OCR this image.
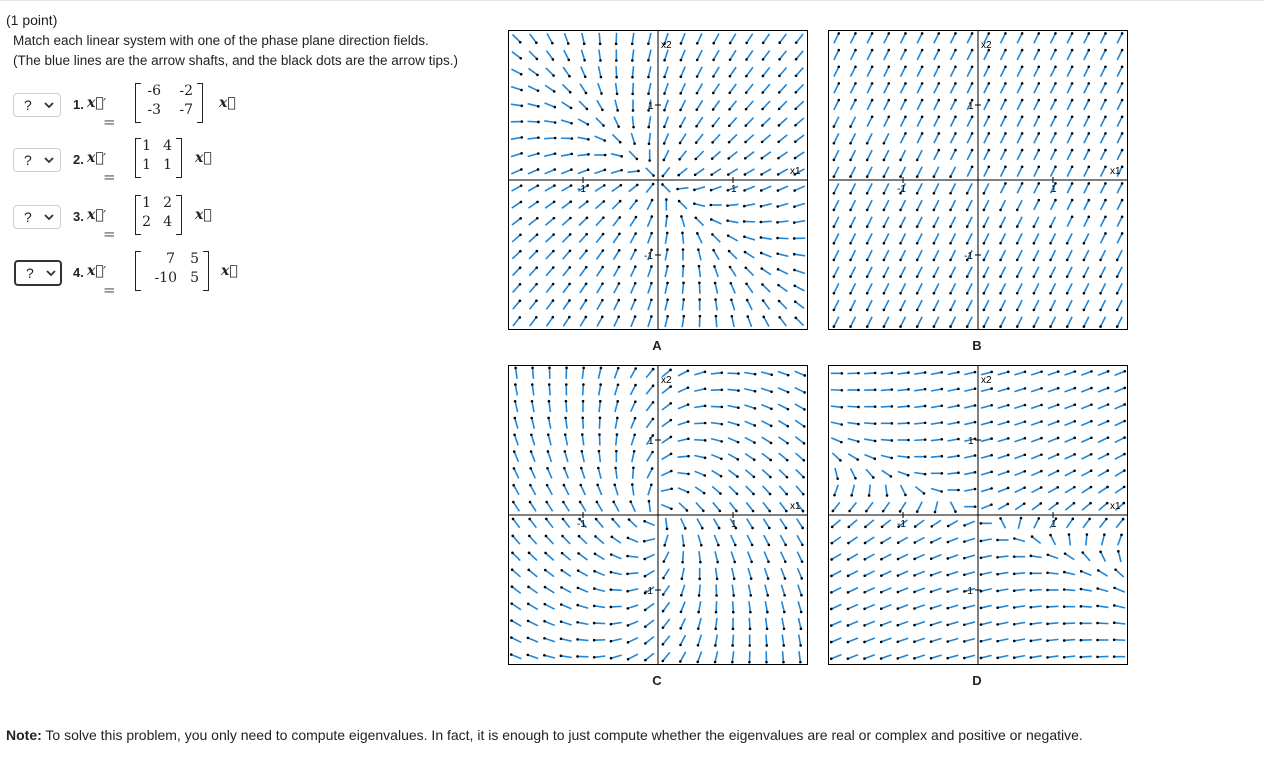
(1 point)
Match each linear system with one of the phase plane direction fields.
(The blue lines are the arrow shafts, and the black dots are the arrow tips.)
?	1. x⃗ ′ =
-6	-2
-3	-7 x⃗
?	2. x⃗ ′ =
1 4
1 1 x⃗
?	3. x⃗ ′ =
1 2
2 4 x⃗
?	4. x⃗ ′ =
7	5
-10 5 x⃗
-1	1
1
-1
x1
x2
A
-1	1
1
-1
x1
x2
B
-1	1
1
-1
x1
x2
C
-1	1
1
-1
x1
x2
D
Note: To solve this problem, you only need to compute eigenvalues. In fact, it is enough to just compute whether the eigenvalues are real or complex and positive or negative.
